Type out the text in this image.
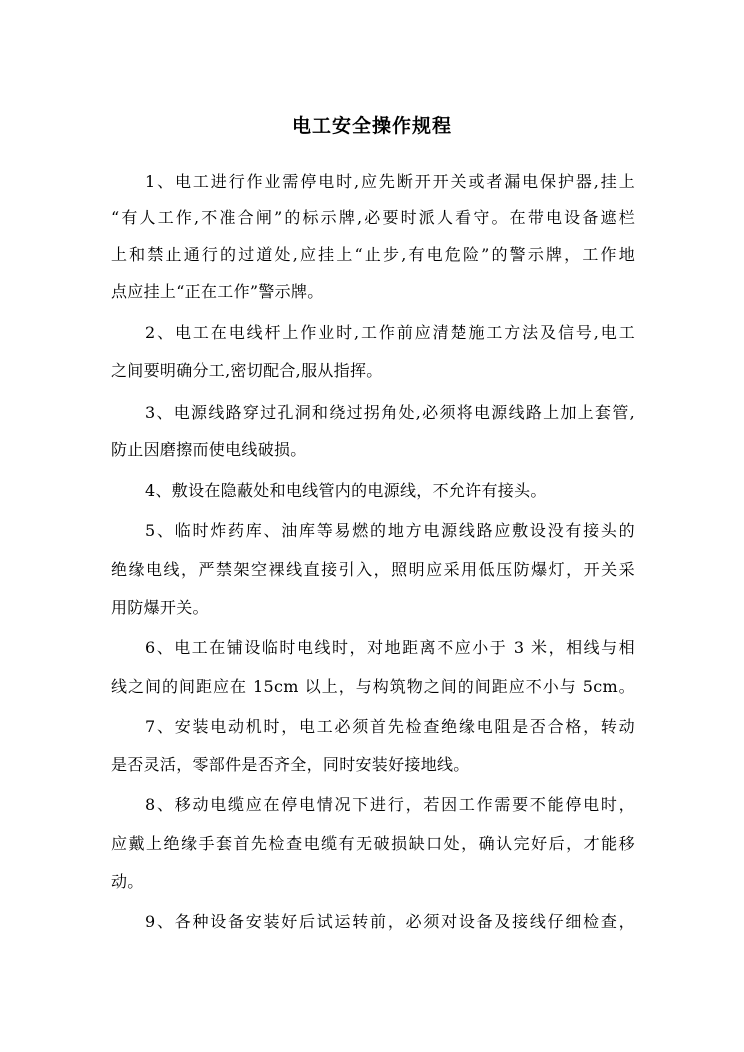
电工安全操作规程

1、电工进行作业需停电时,应先断开开关或者漏电保护器,挂上

“有人工作,不准合闸”的标示牌,必要时派人看守。在带电设备遮栏

上和禁止通行的过道处,应挂上“止步,有电危险”的警示牌，工作地

点应挂上“正在工作”警示牌。

2、电工在电线杆上作业时,工作前应清楚施工方法及信号,电工

之间要明确分工,密切配合,服从指挥。

3、电源线路穿过孔洞和绕过拐角处,必须将电源线路上加上套管,

防止因磨擦而使电线破损。

4、敷设在隐蔽处和电线管内的电源线，不允许有接头。

5、临时炸药库、油库等易燃的地方电源线路应敷设没有接头的

绝缘电线，严禁架空裸线直接引入，照明应采用低压防爆灯，开关采

用防爆开关。

6、电工在铺设临时电线时，对地距离不应小于 3 米，相线与相

线之间的间距应在 15cm 以上，与构筑物之间的间距应不小与 5cm。

7、安装电动机时，电工必须首先检查绝缘电阻是否合格，转动

是否灵活，零部件是否齐全，同时安装好接地线。

8、移动电缆应在停电情况下进行，若因工作需要不能停电时，

应戴上绝缘手套首先检查电缆有无破损缺口处，确认完好后，才能移

动。

9、各种设备安装好后试运转前，必须对设备及接线仔细检查，
